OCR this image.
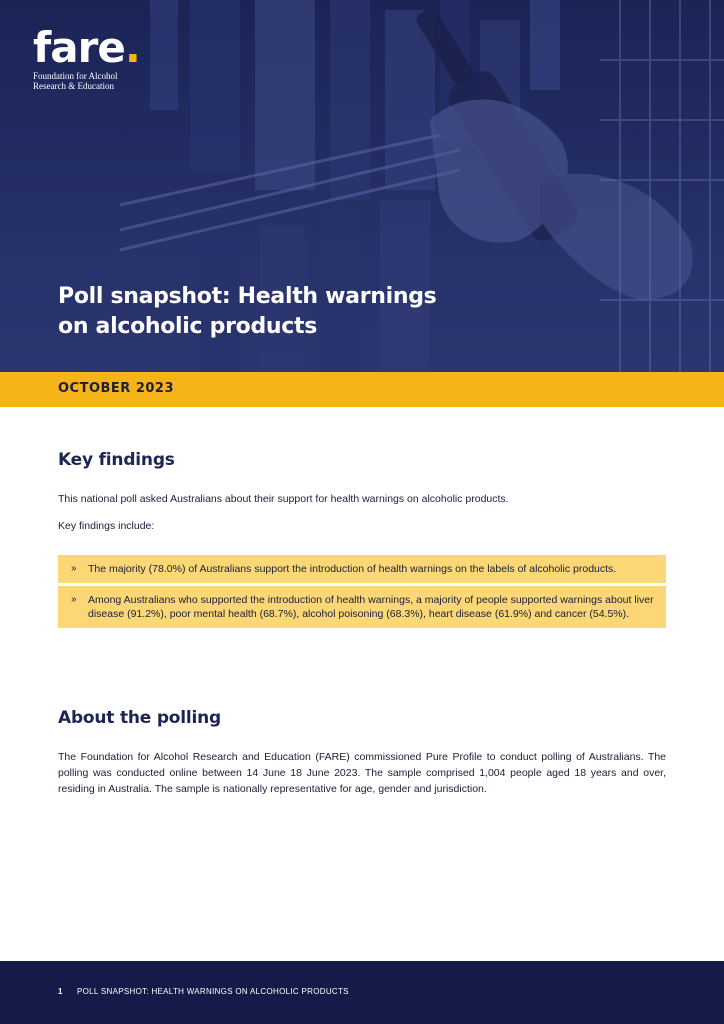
fare.
Foundation for Alcohol
Research & Education
Poll snapshot: Health warnings
on alcoholic products
OCTOBER 2023
Key findings
This national poll asked Australians about their support for health warnings on alcoholic products.
Key findings include:
» The majority (78.0%) of Australians support the introduction of health warnings on the labels of alcoholic products.
» Among Australians who supported the introduction of health warnings, a majority of people supported warnings about liver disease (91.2%), poor mental health (68.7%), alcohol poisoning (68.3%), heart disease (61.9%) and cancer (54.5%).
About the polling
The Foundation for Alcohol Research and Education (FARE) commissioned Pure Profile to conduct polling of Australians. The polling was conducted online between 14 June 18 June 2023. The sample comprised 1,004 people aged 18 years and over, residing in Australia. The sample is nationally representative for age, gender and jurisdiction.
1 POLL SNAPSHOT: HEALTH WARNINGS ON ALCOHOLIC PRODUCTS
